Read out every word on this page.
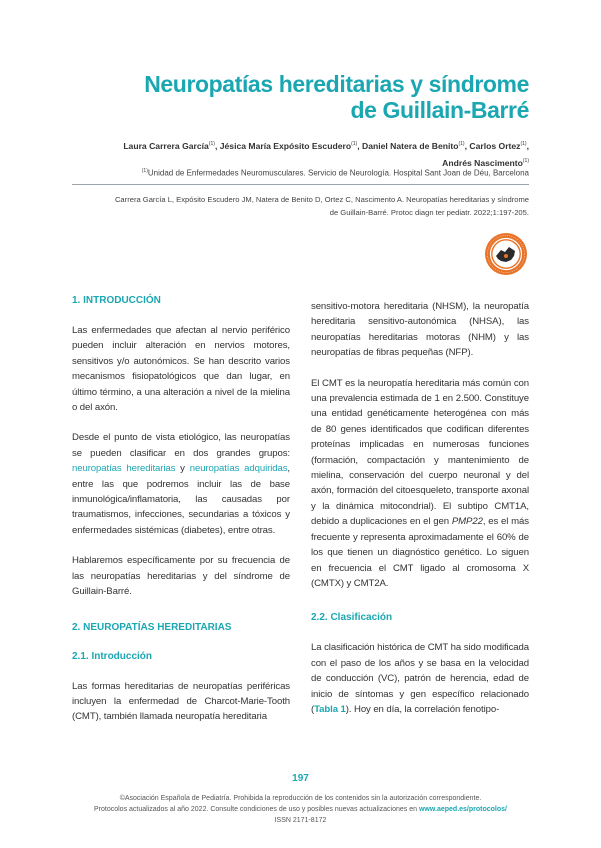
Neuropatías hereditarias y síndrome
de Guillain-Barré
Laura Carrera García$^{(1)}$, Jésica María Expósito Escudero$^{(1)}$, Daniel Natera de Benito$^{(1)}$, Carlos Ortez$^{(1)}$,
Andrés Nascimento$^{(1)}$
$^{(1)}$Unidad de Enfermedades Neuromusculares. Servicio de Neurología. Hospital Sant Joan de Déu, Barcelona
Carrera García L, Expósito Escudero JM, Natera de Benito D, Ortez C, Nascimento A. Neuropatías hereditarias y síndrome
de Guillain-Barré. Protoc diagn ter pediatr. 2022;1:197-205.
1. INTRODUCCIÓN

Las enfermedades que afectan al nervio periférico pueden incluir alteración en nervios motores, sensitivos y/o autonómicos. Se han descrito varios mecanismos fisiopatológicos que dan lugar, en último término, a una alteración a nivel de la mielina o del axón.

Desde el punto de vista etiológico, las neuropatías se pueden clasificar en dos grandes grupos: neuropatías hereditarias y neuropatías adquiridas, entre las que podremos incluir las de base inmunológica/inflamatoria, las causadas por traumatismos, infecciones, secundarias a tóxicos y enfermedades sistémicas (diabetes), entre otras.

Hablaremos específicamente por su frecuencia de las neuropatías hereditarias y del síndrome de Guillain-Barré.

2. NEUROPATÍAS HEREDITARIAS
2.1. Introducción

Las formas hereditarias de neuropatías periféricas incluyen la enfermedad de Charcot-Marie-Tooth (CMT), también llamada neuropatía hereditaria

sensitivo-motora hereditaria (NHSM), la neuropatía hereditaria sensitivo-autonómica (NHSA), las neuropatías hereditarias motoras (NHM) y las neuropatías de fibras pequeñas (NFP).

El CMT es la neuropatía hereditaria más común con una prevalencia estimada de 1 en 2.500. Constituye una entidad genéticamente heterogénea con más de 80 genes identificados que codifican diferentes proteínas implicadas en numerosas funciones (formación, compactación y mantenimiento de mielina, conservación del cuerpo neuronal y del axón, formación del citoesqueleto, transporte axonal y la dinámica mitocondrial). El subtipo CMT1A, debido a duplicaciones en el gen PMP22, es el más frecuente y representa aproximadamente el 60% de los que tienen un diagnóstico genético. Lo siguen en frecuencia el CMT ligado al cromosoma X (CMTX) y CMT2A.

2.2. Clasificación

La clasificación histórica de CMT ha sido modificada con el paso de los años y se basa en la velocidad de conducción (VC), patrón de herencia, edad de inicio de síntomas y gen específico relacionado (Tabla 1). Hoy en día, la correlación fenotipo-

197
©Asociación Española de Pediatría. Prohibida la reproducción de los contenidos sin la autorización correspondiente.
Protocolos actualizados al año 2022. Consulte condiciones de uso y posibles nuevas actualizaciones en www.aeped.es/protocolos/
ISSN 2171-8172
